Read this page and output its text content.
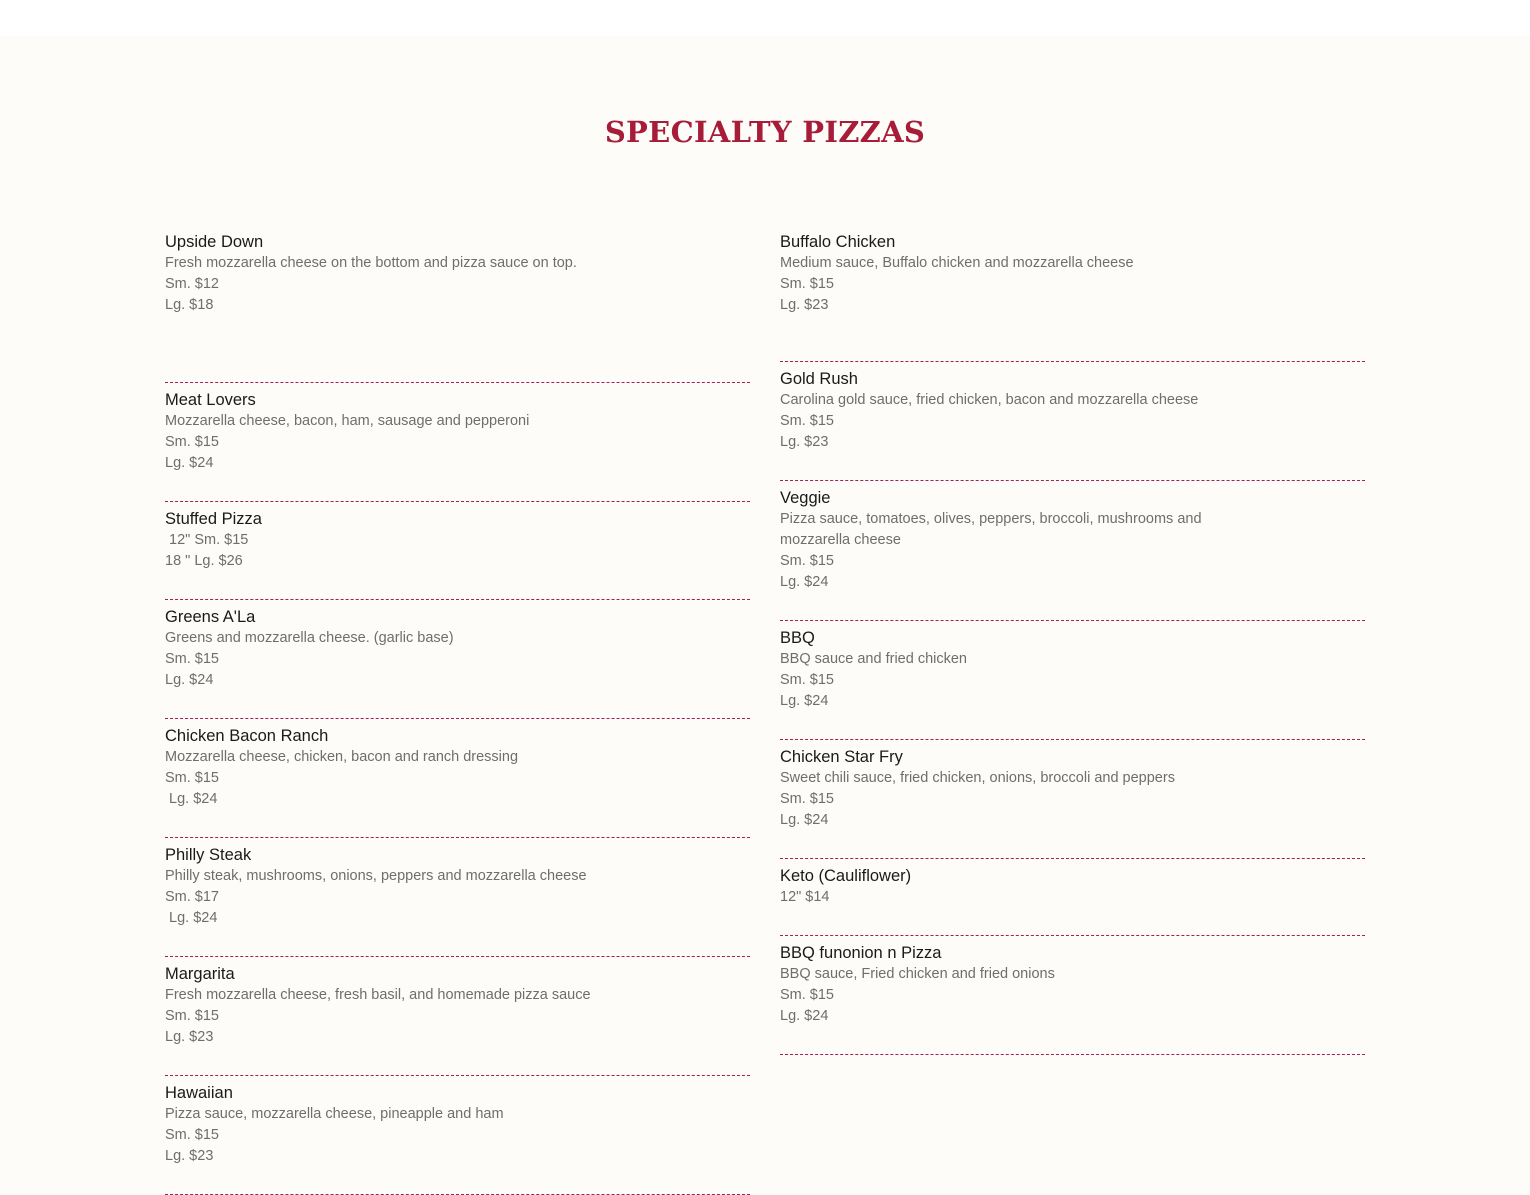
SPECIALTY PIZZAS

Upside Down

Fresh mozzarella cheese on the bottom and pizza sauce on top.

Sm. $12

Lg. $18

Meat Lovers

Mozzarella cheese, bacon, ham, sausage and pepperoni

Sm. $15

Lg. $24

Stuffed Pizza

12" Sm. $15

18 " Lg. $26

Greens A'La

Greens and mozzarella cheese. (garlic base)

Sm. $15

Lg. $24

Chicken Bacon Ranch

Mozzarella cheese, chicken, bacon and ranch dressing

Sm. $15

Lg. $24

Philly Steak

Philly steak, mushrooms, onions, peppers and mozzarella cheese

Sm. $17

Lg. $24

Margarita

Fresh mozzarella cheese, fresh basil, and homemade pizza sauce

Sm. $15

Lg. $23

Hawaiian

Pizza sauce, mozzarella cheese, pineapple and ham

Sm. $15

Lg. $23

Buffalo Chicken

Medium sauce, Buffalo chicken and mozzarella cheese

Sm. $15

Lg. $23

Gold Rush

Carolina gold sauce, fried chicken, bacon and mozzarella cheese

Sm. $15

Lg. $23

Veggie

Pizza sauce, tomatoes, olives, peppers, broccoli, mushrooms and mozzarella cheese

Sm. $15

Lg. $24

BBQ

BBQ sauce and fried chicken

Sm. $15

Lg. $24

Chicken Star Fry

Sweet chili sauce, fried chicken, onions, broccoli and peppers

Sm. $15

Lg. $24

Keto (Cauliflower)

12" $14

BBQ funonion n Pizza

BBQ sauce, Fried chicken and fried onions

Sm. $15

Lg. $24
